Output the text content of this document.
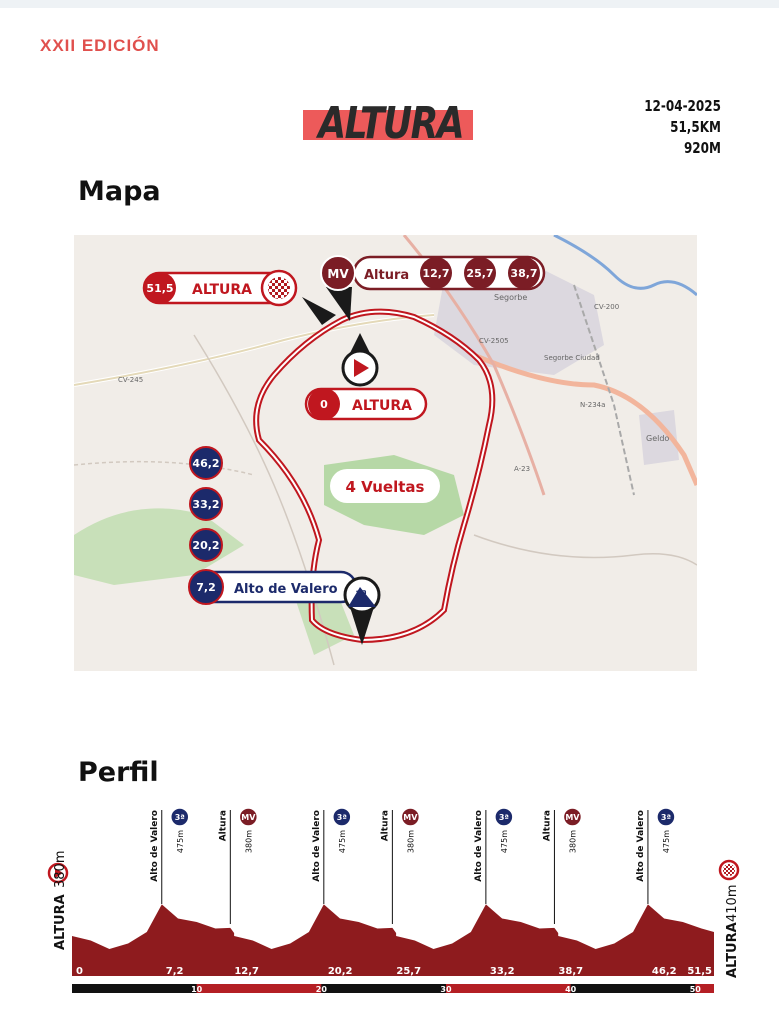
XXII EDICIÓN
ALTURA	12-04-2025
51,5KM
920M
Mapa
Segorbe
Segorbe Ciudad
Geldo
CV-200
CV-2505
CV-245
N-234a
A-23
51,5 ALTURA
MV Altura 12,7 25,7 38,7
0 ALTURA
4 Vueltas
Alto de Valero 3ª
46,2
33,2
20,2
7,2
Perfil
Alto de Valero 3ª
475m
Altura MV
380m	Alto de Valero 3ª
475m
Altura MV
380m	Alto de Valero 3ª
475m
Altura MV
380m	Alto de Valero 3ª
475m
0	7,2	12,7	20,2	25,7	33,2	38,7	46,2 51,5
10	20	30	40	50
ALTURA
380m
ALTURA
410m
